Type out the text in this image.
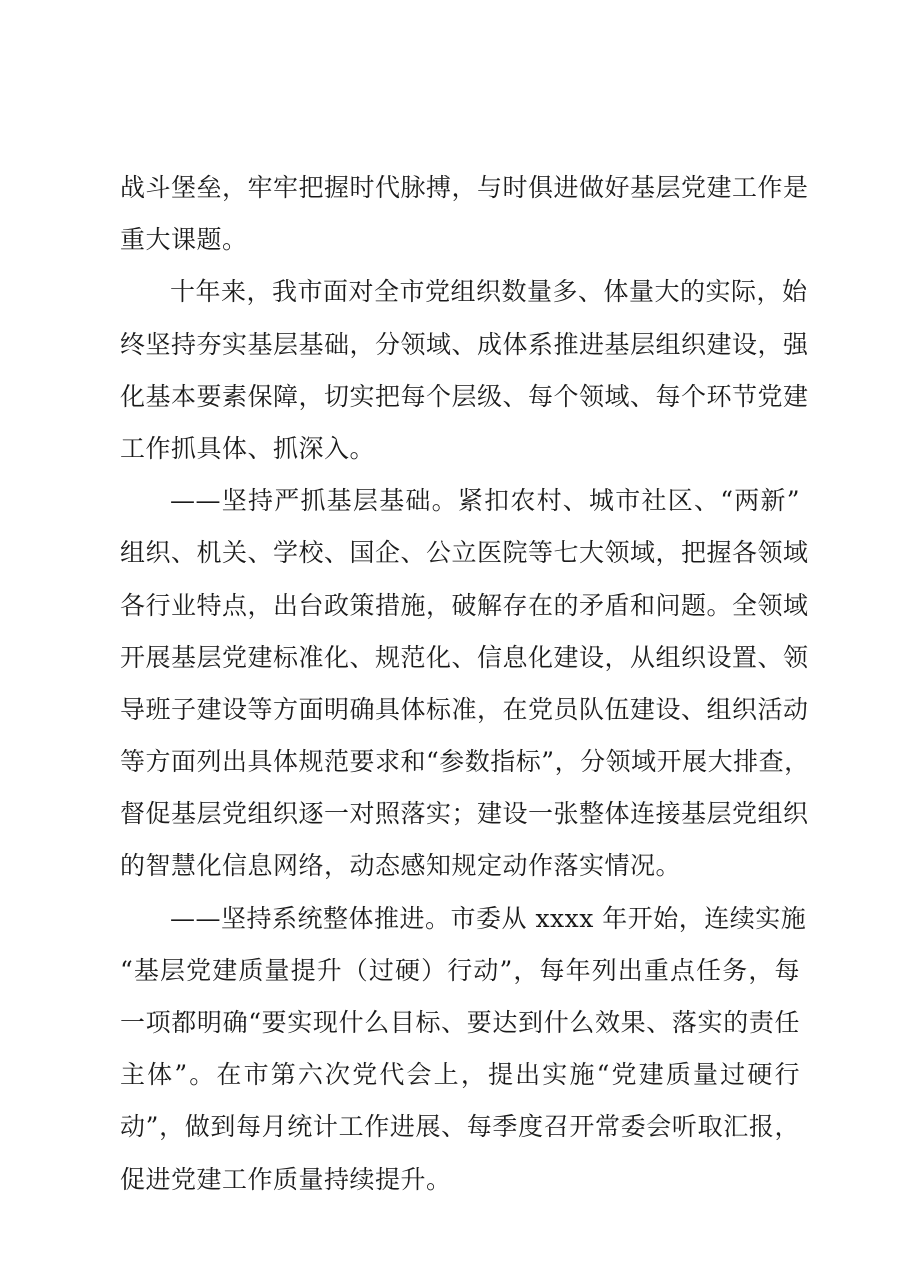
战斗堡垒，牢牢把握时代脉搏，与时俱进做好基层党建工作是
重大课题。
十年来，我市面对全市党组织数量多、体量大的实际，始
终坚持夯实基层基础，分领域、成体系推进基层组织建设，强
化基本要素保障，切实把每个层级、每个领域、每个环节党建
工作抓具体、抓深入。
——坚持严抓基层基础。紧扣农村、城市社区、“两新”
组织、机关、学校、国企、公立医院等七大领域，把握各领域
各行业特点，出台政策措施，破解存在的矛盾和问题。全领域
开展基层党建标准化、规范化、信息化建设，从组织设置、领
导班子建设等方面明确具体标准，在党员队伍建设、组织活动
等方面列出具体规范要求和“参数指标”，分领域开展大排查，
督促基层党组织逐一对照落实；建设一张整体连接基层党组织
的智慧化信息网络，动态感知规定动作落实情况。
——坚持系统整体推进。市委从 xxxx 年开始，连续实施
“基层党建质量提升（过硬）行动”，每年列出重点任务，每
一项都明确“要实现什么目标、要达到什么效果、落实的责任
主体”。在市第六次党代会上，提出实施“党建质量过硬行
动”，做到每月统计工作进展、每季度召开常委会听取汇报，
促进党建工作质量持续提升。
